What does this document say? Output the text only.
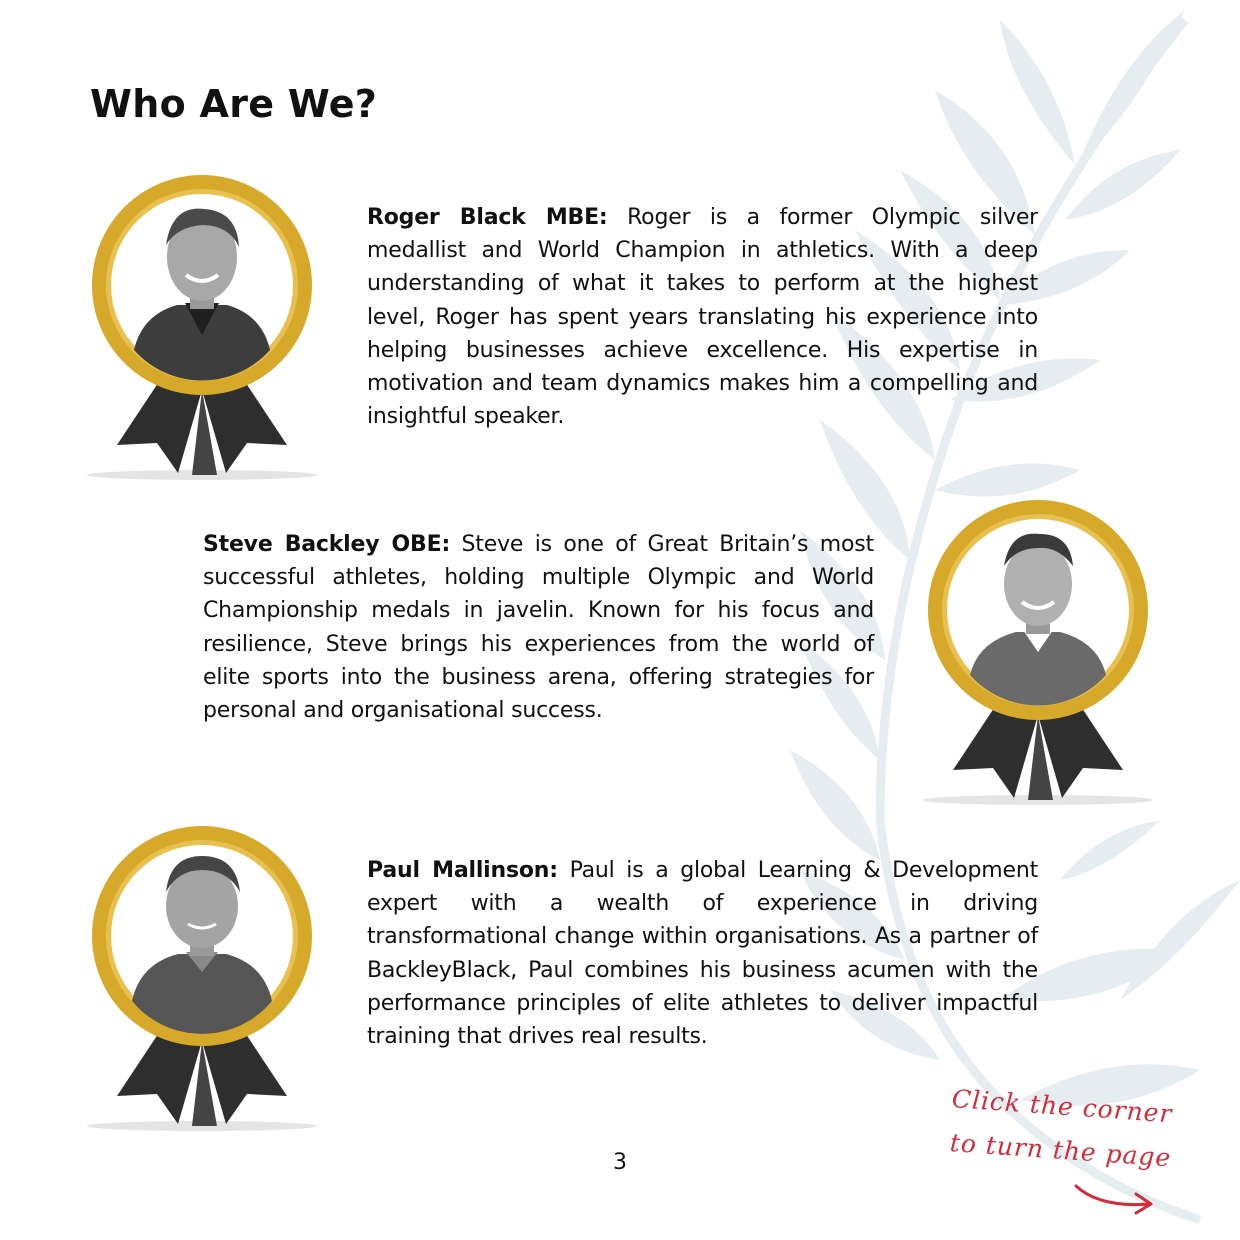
Who Are We?

Roger Black MBE: Roger is a former Olympic silver medallist and World Champion in athletics. With a deep understanding of what it takes to perform at the highest level, Roger has spent years translating his experience into helping businesses achieve excellence. His expertise in motivation and team dynamics makes him a compelling and insightful speaker.

Steve Backley OBE: Steve is one of Great Britain’s most successful athletes, holding multiple Olympic and World Championship medals in javelin. Known for his focus and resilience, Steve brings his experiences from the world of elite sports into the business arena, offering strategies for personal and organisational success.

Paul Mallinson: Paul is a global Learning & Development expert with a wealth of experience in driving transformational change within organisations. As a partner of BackleyBlack, Paul combines his business acumen with the performance principles of elite athletes to deliver impactful training that drives real results.

3
Click the corner
to turn the page
